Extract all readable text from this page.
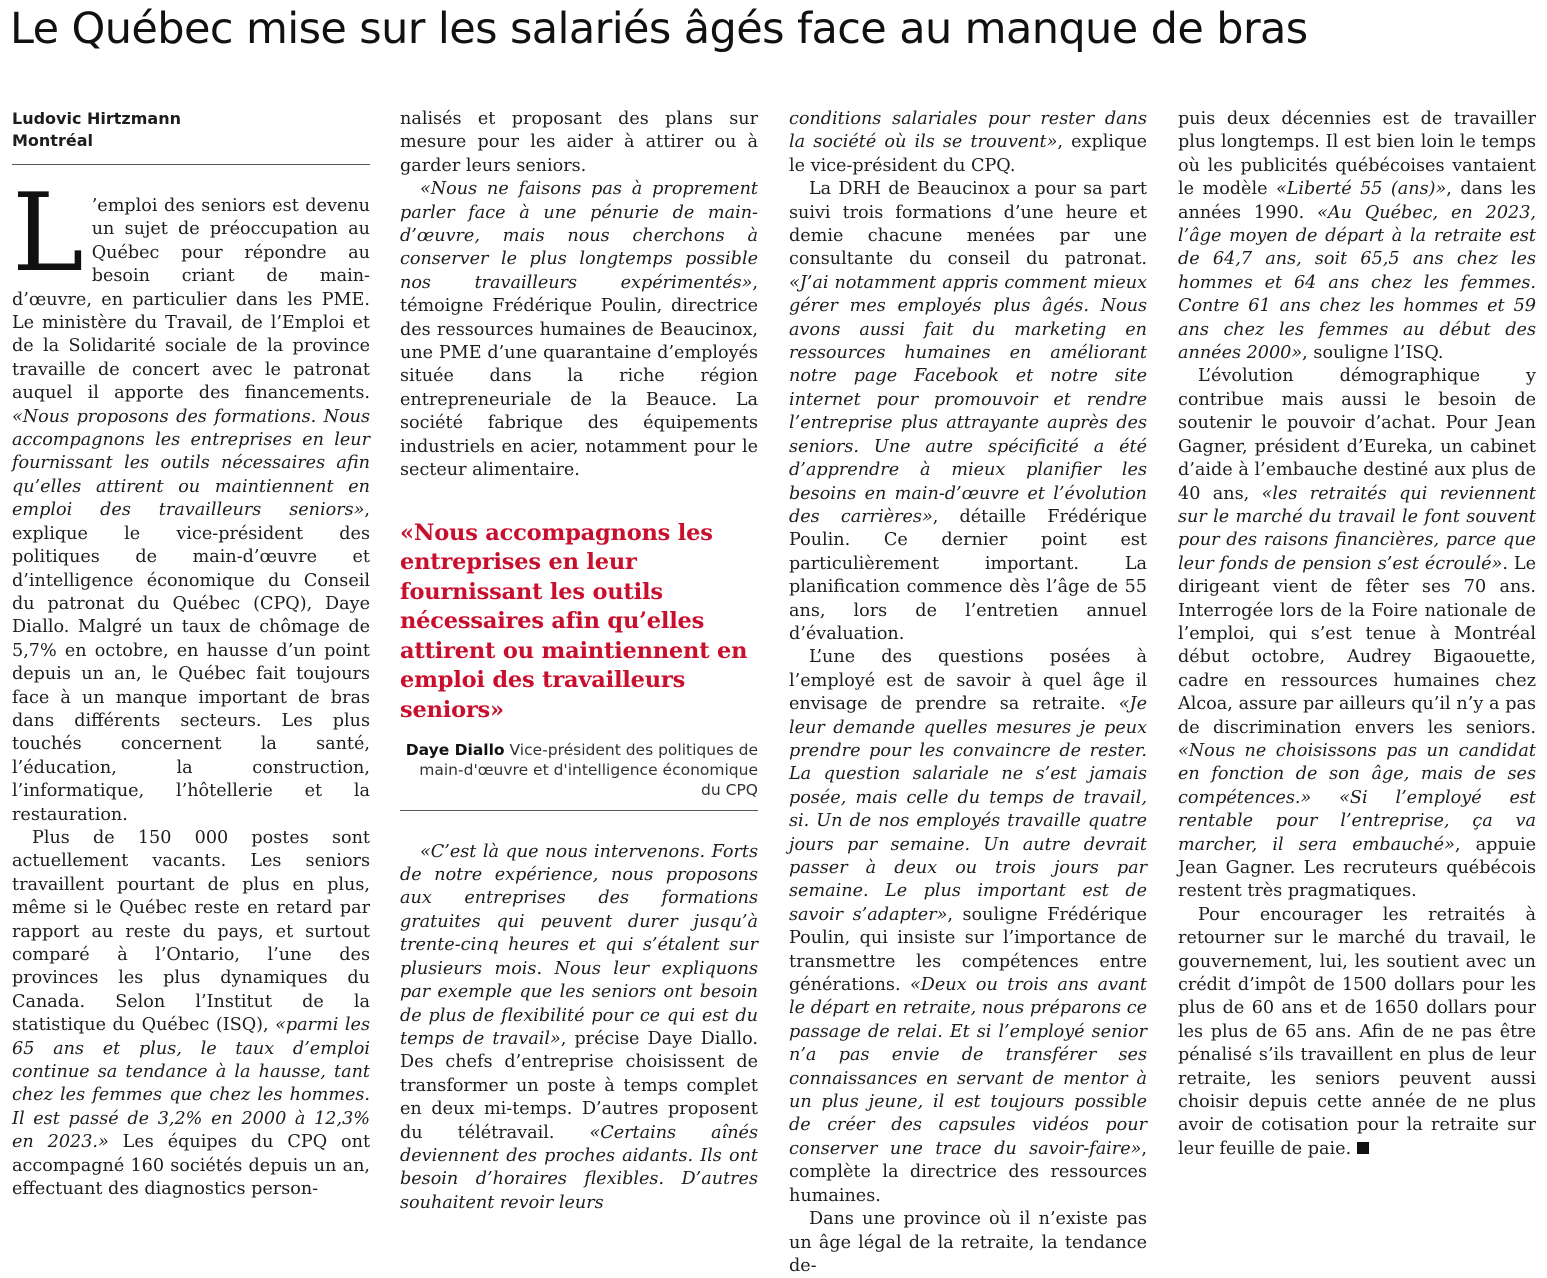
Le Québec mise sur les salariés âgés face au manque de bras

Ludovic Hirtzmann

Montréal

L ’emploi des seniors est devenu un sujet de préoccupation au Québec pour répondre au besoin criant de main-d’œuvre, en particulier dans les PME. Le ministère du Travail, de l’Emploi et de la Solidarité sociale de la province travaille de concert avec le patronat auquel il apporte des financements. «Nous proposons des formations. Nous accompagnons les entreprises en leur fournissant les outils nécessaires afin qu’elles attirent ou maintiennent en emploi des travailleurs seniors», explique le vice-président des politiques de main-d’œuvre et d’intelligence économique du Conseil du patronat du Québec (CPQ), Daye Diallo. Malgré un taux de chômage de 5,7% en octobre, en hausse d’un point depuis un an, le Québec fait toujours face à un manque important de bras dans différents secteurs. Les plus touchés concernent la santé, l’éducation, la construction, l’informatique, l’hôtellerie et la restauration.

Plus de 150 000 postes sont actuellement vacants. Les seniors travaillent pourtant de plus en plus, même si le Québec reste en retard par rapport au reste du pays, et surtout comparé à l’Ontario, l’une des provinces les plus dynamiques du Canada. Selon l’Institut de la statistique du Québec (ISQ), «parmi les 65 ans et plus, le taux d’emploi continue sa tendance à la hausse, tant chez les femmes que chez les hommes. Il est passé de 3,2% en 2000 à 12,3% en 2023.» Les équipes du CPQ ont accompagné 160 sociétés depuis un an, effectuant des diagnostics person-

nalisés et proposant des plans sur mesure pour les aider à attirer ou à garder leurs seniors.

«Nous ne faisons pas à proprement parler face à une pénurie de main-d’œuvre, mais nous cherchons à conserver le plus longtemps possible nos travailleurs expérimentés», témoigne Frédérique Poulin, directrice des ressources humaines de Beaucinox, une PME d’une quarantaine d’employés située dans la riche région entrepreneuriale de la Beauce. La société fabrique des équipements industriels en acier, notamment pour le secteur alimentaire.

«Nous accompagnons les entreprises en leur fournissant les outils nécessaires afin qu’elles attirent ou maintiennent en emploi des travailleurs seniors»

Daye Diallo Vice-président des politiques de main-d'œuvre et d'intelligence économique du CPQ

«C’est là que nous intervenons. Forts de notre expérience, nous proposons aux entreprises des formations gratuites qui peuvent durer jusqu’à trente-cinq heures et qui s’étalent sur plusieurs mois. Nous leur expliquons par exemple que les seniors ont besoin de plus de flexibilité pour ce qui est du temps de travail», précise Daye Diallo. Des chefs d’entreprise choisissent de transformer un poste à temps complet en deux mi-temps. D’autres proposent du télétravail. «Certains aînés deviennent des proches aidants. Ils ont besoin d’horaires flexibles. D’autres souhaitent revoir leurs

conditions salariales pour rester dans la société où ils se trouvent», explique le vice-président du CPQ.

La DRH de Beaucinox a pour sa part suivi trois formations d’une heure et demie chacune menées par une consultante du conseil du patronat. «J’ai notamment appris comment mieux gérer mes employés plus âgés. Nous avons aussi fait du marketing en ressources humaines en améliorant notre page Facebook et notre site internet pour promouvoir et rendre l’entreprise plus attrayante auprès des seniors. Une autre spécificité a été d’apprendre à mieux planifier les besoins en main-d’œuvre et l’évolution des carrières», détaille Frédérique Poulin. Ce dernier point est particulièrement important. La planification commence dès l’âge de 55 ans, lors de l’entretien annuel d’évaluation.

L’une des questions posées à l’employé est de savoir à quel âge il envisage de prendre sa retraite. «Je leur demande quelles mesures je peux prendre pour les convaincre de rester. La question salariale ne s’est jamais posée, mais celle du temps de travail, si. Un de nos employés travaille quatre jours par semaine. Un autre devrait passer à deux ou trois jours par semaine. Le plus important est de savoir s’adapter», souligne Frédérique Poulin, qui insiste sur l’importance de transmettre les compétences entre générations. «Deux ou trois ans avant le départ en retraite, nous préparons ce passage de relai. Et si l’employé senior n’a pas envie de transférer ses connaissances en servant de mentor à un plus jeune, il est toujours possible de créer des capsules vidéos pour conserver une trace du savoir-faire», complète la directrice des ressources humaines.

Dans une province où il n’existe pas un âge légal de la retraite, la tendance de-

puis deux décennies est de travailler plus longtemps. Il est bien loin le temps où les publicités québécoises vantaient le modèle «Liberté 55 (ans)», dans les années 1990. «Au Québec, en 2023, l’âge moyen de départ à la retraite est de 64,7 ans, soit 65,5 ans chez les hommes et 64 ans chez les femmes. Contre 61 ans chez les hommes et 59 ans chez les femmes au début des années 2000», souligne l’ISQ.

L’évolution démographique y contribue mais aussi le besoin de soutenir le pouvoir d’achat. Pour Jean Gagner, président d’Eureka, un cabinet d’aide à l’embauche destiné aux plus de 40 ans, «les retraités qui reviennent sur le marché du travail le font souvent pour des raisons financières, parce que leur fonds de pension s’est écroulé». Le dirigeant vient de fêter ses 70 ans. Interrogée lors de la Foire nationale de l’emploi, qui s’est tenue à Montréal début octobre, Audrey Bigaouette, cadre en ressources humaines chez Alcoa, assure par ailleurs qu’il n’y a pas de discrimination envers les seniors. «Nous ne choisissons pas un candidat en fonction de son âge, mais de ses compétences.» «Si l’employé est rentable pour l’entreprise, ça va marcher, il sera embauché», appuie Jean Gagner. Les recruteurs québécois restent très pragmatiques.

Pour encourager les retraités à retourner sur le marché du travail, le gouvernement, lui, les soutient avec un crédit d’impôt de 1500 dollars pour les plus de 60 ans et de 1650 dollars pour les plus de 65 ans. Afin de ne pas être pénalisé s’ils travaillent en plus de leur retraite, les seniors peuvent aussi choisir depuis cette année de ne plus avoir de cotisation pour la retraite sur leur feuille de paie.
